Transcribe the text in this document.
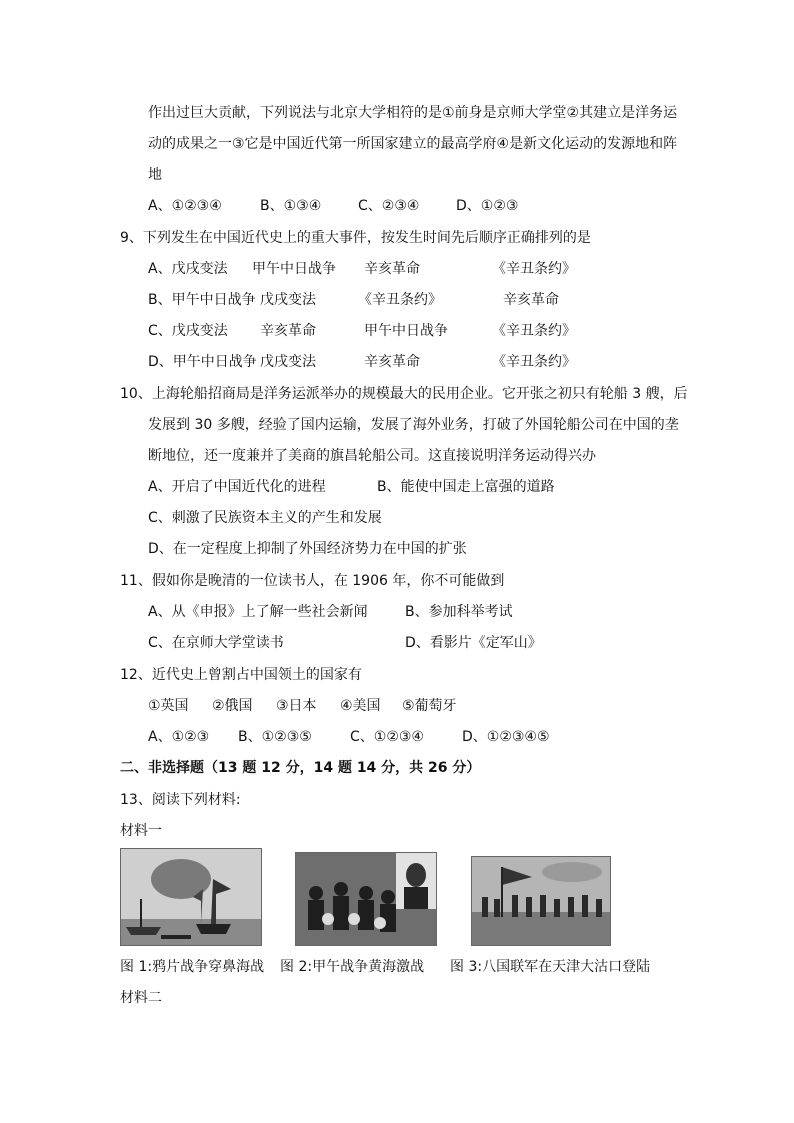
作出过巨大贡献，下列说法与北京大学相符的是①前身是京师大学堂②其建立是洋务运
动的成果之一③它是中国近代第一所国家建立的最高学府④是新文化运动的发源地和阵
地
A、①②③④	B、①③④	C、②③④	D、①②③
9、下列发生在中国近代史上的重大事件，按发生时间先后顺序正确排列的是
A、戊戌变法 甲午中日战争 辛亥革命	《辛丑条约》
B、甲午中日战争 戊戌变法	《辛丑条约》	辛亥革命
C、戊戌变法 辛亥革命	甲午中日战争	《辛丑条约》
D、甲午中日战争 戊戌变法	辛亥革命	《辛丑条约》
10、上海轮船招商局是洋务运派举办的规模最大的民用企业。它开张之初只有轮船 3 艘，后
发展到 30 多艘，经验了国内运输，发展了海外业务，打破了外国轮船公司在中国的垄
断地位，还一度兼并了美商的旗昌轮船公司。这直接说明洋务运动得兴办
A、开启了中国近代化的进程	B、能使中国走上富强的道路
C、刺激了民族资本主义的产生和发展
D、在一定程度上抑制了外国经济势力在中国的扩张
11、假如你是晚清的一位读书人，在 1906 年，你不可能做到
A、从《申报》上了解一些社会新闻	B、参加科举考试
C、在京师大学堂读书	D、看影片《定军山》
12、近代史上曾割占中国领土的国家有
①英国 ②俄国 ③日本 ④美国 ⑤葡萄牙
A、①②③ B、①②③⑤	C、①②③④	D、①②③④⑤
二、非选择题（13 题 12 分，14 题 14 分，共 26 分）
13、阅读下列材料:
材料一
图 1:鸦片战争穿鼻海战 图 2:甲午战争黄海激战 图 3:八国联军在天津大沽口登陆
材料二
